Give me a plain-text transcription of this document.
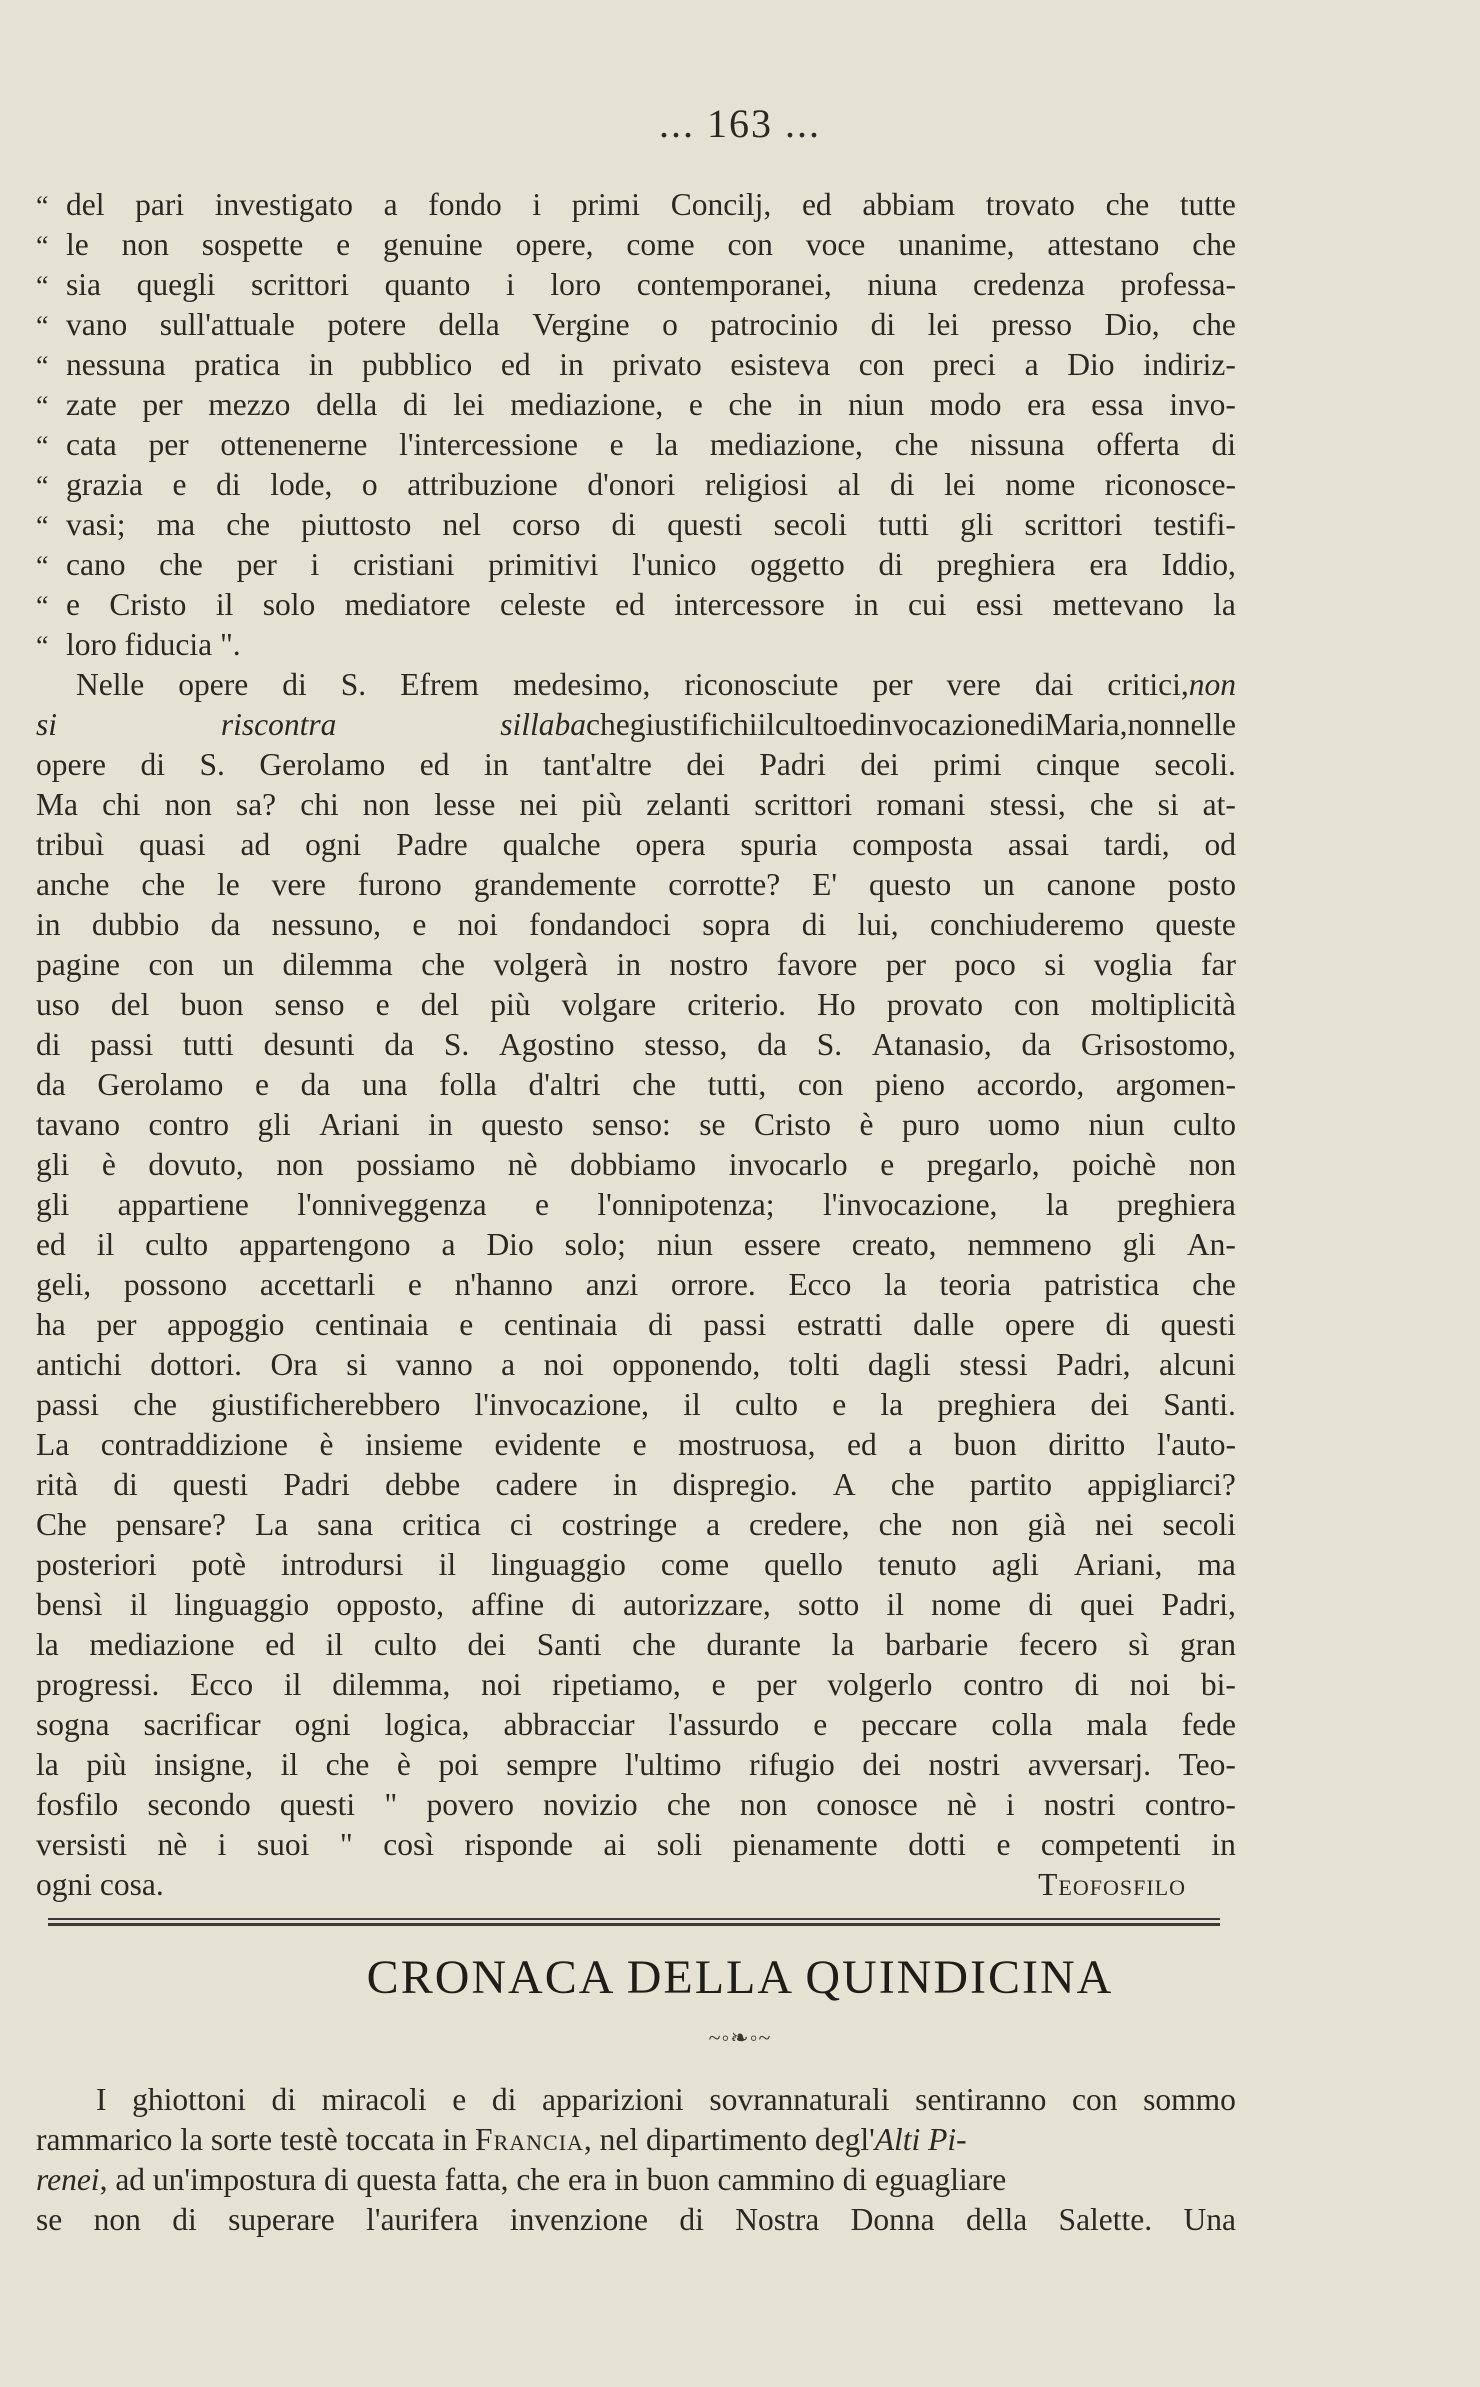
... 163 ...
“ del pari investigato a fondo i primi Concilj, ed abbiam trovato che tutte
“ le non sospette e genuine opere, come con voce unanime, attestano che
“ sia quegli scrittori quanto i loro contemporanei, niuna credenza professa-
“ vano sull'attuale potere della Vergine o patrocinio di lei presso Dio, che
“ nessuna pratica in pubblico ed in privato esisteva con preci a Dio indiriz-
“ zate per mezzo della di lei mediazione, e che in niun modo era essa invo-
“ cata per ottenenerne l'intercessione e la mediazione, che nissuna offerta di
“ grazia e di lode, o attribuzione d'onori religiosi al di lei nome riconosce-
“ vasi; ma che piuttosto nel corso di questi secoli tutti gli scrittori testifi-
“ cano che per i cristiani primitivi l'unico oggetto di preghiera era Iddio,
“ e Cristo il solo mediatore celeste ed intercessore in cui essi mettevano la
“ loro fiducia ".
Nelle opere di S. Efrem medesimo, riconosciute per vere dai critici, non
si	riscontra	sillaba che giustifichi il culto ed invocazione di Maria, non nelle
opere di S. Gerolamo ed in tant'altre dei Padri dei primi cinque secoli.
Ma chi non sa? chi non lesse nei più zelanti scrittori romani stessi, che si at-
tribuì quasi ad ogni Padre qualche opera spuria composta assai tardi, od
anche che le vere furono grandemente corrotte? E' questo un canone posto
in dubbio da nessuno, e noi fondandoci sopra di lui, conchiuderemo queste
pagine con un dilemma che volgerà in nostro favore per poco si voglia far
uso del buon senso e del più volgare criterio. Ho provato con moltiplicità
di passi tutti desunti da S. Agostino stesso, da S. Atanasio, da Grisostomo,
da Gerolamo e da una folla d'altri che tutti, con pieno accordo, argomen-
tavano contro gli Ariani in questo senso: se Cristo è puro uomo niun culto
gli è dovuto, non possiamo nè dobbiamo invocarlo e pregarlo, poichè non
gli appartiene l'onniveggenza e l'onnipotenza; l'invocazione, la preghiera
ed il culto appartengono a Dio solo; niun essere creato, nemmeno gli An-
geli, possono accettarli e n'hanno anzi orrore. Ecco la teoria patristica che
ha per appoggio centinaia e centinaia di passi estratti dalle opere di questi
antichi dottori. Ora si vanno a noi opponendo, tolti dagli stessi Padri, alcuni
passi che giustificherebbero l'invocazione, il culto e la preghiera dei Santi.
La contraddizione è insieme evidente e mostruosa, ed a buon diritto l'auto-
rità di questi Padri debbe cadere in dispregio. A che partito appigliarci?
Che pensare? La sana critica ci costringe a credere, che non già nei secoli
posteriori potè introdursi il linguaggio come quello tenuto agli Ariani, ma
bensì il linguaggio opposto, affine di autorizzare, sotto il nome di quei Padri,
la mediazione ed il culto dei Santi che durante la barbarie fecero sì gran
progressi. Ecco il dilemma, noi ripetiamo, e per volgerlo contro di noi bi-
sogna sacrificar ogni logica, abbracciar l'assurdo e peccare colla mala fede
la più insigne, il che è poi sempre l'ultimo rifugio dei nostri avversarj. Teo-
fosfilo secondo questi " povero novizio che non conosce nè i nostri contro-
versisti nè i suoi " così risponde ai soli pienamente dotti e competenti in
ogni cosa.	Teofosfilo
CRONACA DELLA QUINDICINA
~◦❧◦~
I ghiottoni di miracoli e di apparizioni sovrannaturali sentiranno con sommo
rammarico la sorte testè toccata in Francia, nel dipartimento degl'Alti Pi-
renei, ad un'impostura di questa fatta, che era in buon cammino di eguagliare
se non di superare l'aurifera invenzione di Nostra Donna della Salette. Una
